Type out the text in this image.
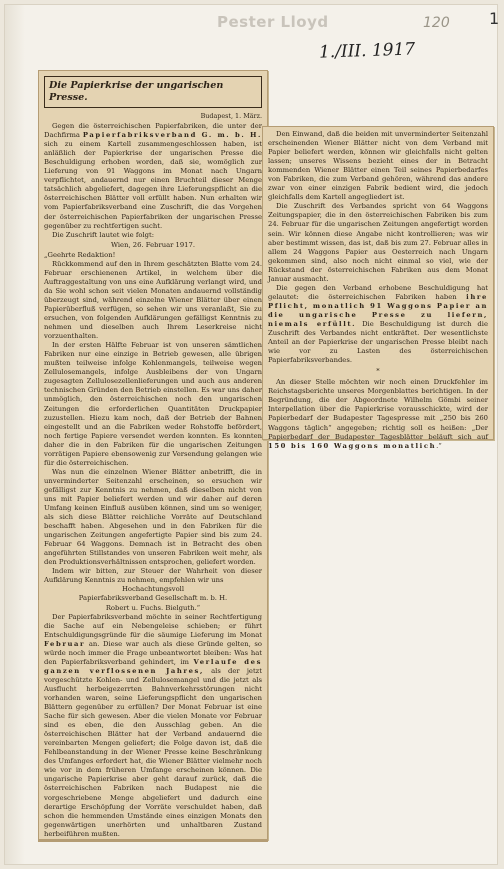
Pester Lloyd	120 1
1./III. 1917
Die Papierkrise der ungarischen Presse.
Budapest, 1. März.

Gegen die österreichischen Papierfabriken, die unter der Dachfirma Papierfabriksverband G. m. b. H. sich zu einem Kartell zusammengeschlossen haben, ist anläßlich der Papierkrise der ungarischen Presse die Beschuldigung erhoben worden, daß sie, womöglich zur Lieferung von 91 Waggons im Monat nach Ungarn verpflichtet, andauernd nur einen Bruchteil dieser Menge tatsächlich abgeliefert, dagegen ihre Lieferungspflicht an die österreichischen Blätter voll erfüllt haben. Nun erhalten wir vom Papierfabriksverband eine Zuschrift, die das Vorgehen der österreichischen Papierfabriken der ungarischen Presse gegenüber zu rechtfertigen sucht.

Die Zuschrift lautet wie folgt:

Wien, 26. Februar 1917.

„Geehrte Redaktion!

Rückkommend auf den in Ihrem geschätzten Blatte vom 24. Februar erschienenen Artikel, in welchem über die Auftraggestaltung von uns eine Aufklärung verlangt wird, und da Sie wohl schon seit vielen Monaten andauernd vollständig überzeugt sind, während einzelne Wiener Blätter über einen Papierüberfluß verfügen, so sehen wir uns veranlaßt, Sie zu ersuchen, von folgenden Aufklärungen gefälligst Kenntnis zu nehmen und dieselben auch Ihrem Leserkreise nicht vorzuenthalten.

In der ersten Hälfte Februar ist von unseren sämtlichen Fabriken nur eine einzige in Betrieb gewesen, alle übrigen mußten teilweise infolge Kohlenmangels, teilweise wegen Zellulosemangels, infolge Ausbleibens der von Ungarn zugesagten Zellulosezellenlieferungen und auch aus anderen technischen Gründen den Betrieb einstellen. Es war uns daher unmöglich, den österreichischen noch den ungarischen Zeitungen die erforderlichen Quantitäten Druckpapier zuzustellen. Hiezu kam noch, daß der Betrieb der Bahnen eingestellt und an die Fabriken weder Rohstoffe befördert, noch fertige Papiere versendet werden konnten. Es konnten daher die in den Fabriken für die ungarischen Zeitungen vorrätigen Papiere ebensowenig zur Versendung gelangen wie für die österreichischen.

Was nun die einzelnen Wiener Blätter anbetrifft, die in unverminderter Seitenzahl erscheinen, so ersuchen wir gefälligst zur Kenntnis zu nehmen, daß dieselben nicht von uns mit Papier beliefert werden und wir daher auf deren Umfang keinen Einfluß ausüben können, sind um so weniger, als sich diese Blätter reichliche Vorräte auf Deutschland beschafft haben. Abgesehen und in den Fabriken für die ungarischen Zeitungen angefertigte Papier sind bis zum 24. Februar 64 Waggons. Demnach ist in Betracht des oben angeführten Stillstandes von unseren Fabriken weit mehr, als den Produktionsverhältnissen entsprochen, geliefert worden.

Indem wir bitten, zur Steuer der Wahrheit von dieser Aufklärung Kenntnis zu nehmen, empfehlen wir uns

Hochachtungsvoll
Papierfabriksverband Gesellschaft m. b. H.
Robert u. Fuchs. Bielguth.“

Der Papierfabriksverband möchte in seiner Rechtfertigung die Sache auf ein Nebengeleise schieben; er führt Entschuldigungsgründe für die säumige Lieferung im Monat Februar an. Diese war auch als diese Gründe gelten, so würde noch immer die Frage unbeantwortet bleiben: Was hat den Papierfabriksverband gehindert, im Verlaufe des ganzen verflossenen Jahres, als der jetzt vorgeschützte Kohlen- und Zellulosemangel und die jetzt als Ausflucht herbeigezerrten Bahnverkehrsstörungen nicht vorhanden waren, seine Lieferungspflicht den ungarischen Blättern gegenüber zu erfüllen? Der Monat Februar ist eine Sache für sich gewesen. Aber die vielen Monate vor Februar sind es eben, die den Ausschlag geben. An die österreichischen Blätter hat der Verband andauernd die vereinbarten Mengen geliefert; die Folge davon ist, daß die Fehlbeanstandung in der Wiener Presse keine Beschränkung des Umfanges erfordert hat, die Wiener Blätter vielmehr noch wie vor in dem früheren Umfange erscheinen können. Die ungarische Papierkrise aber geht darauf zurück, daß die österreichischen Fabriken nach Budapest nie die vorgeschriebene Menge abgeliefert und dadurch eine derartige Erschöpfung der Vorräte verschuldet haben, daß schon die hemmenden Umstände eines einzigen Monats den gegenwärtigen unerhörten und unhaltbaren Zustand herbeiführen mußten.

Den Einwand, daß die beiden mit unverminderter Seitenzahl erscheinenden Wiener Blätter nicht von dem Verband mit Papier beliefert werden, können wir gleichfalls nicht gelten lassen; unseres Wissens bezieht eines der in Betracht kommenden Wiener Blätter einen Teil seines Papierbedarfes von Fabriken, die zum Verband gehören, während das andere zwar von einer einzigen Fabrik bedient wird, die jedoch gleichfalls dem Kartell angegliedert ist.

Die Zuschrift des Verbandes spricht von 64 Waggons Zeitungspapier, die in den österreichischen Fabriken bis zum 24. Februar für die ungarischen Zeitungen angefertigt worden sein. Wir können diese Angabe nicht kontrollieren; was wir aber bestimmt wissen, das ist, daß bis zum 27. Februar alles in allem 24 Waggons Papier aus Oesterreich nach Ungarn gekommen sind, also noch nicht einmal so viel, wie der Rückstand der österreichischen Fabriken aus dem Monat Januar ausmacht.

Die gegen den Verband erhobene Beschuldigung hat gelautet: die österreichischen Fabriken haben ihre Pflicht, monatlich 91 Waggons Papier an die ungarische Presse zu liefern, niemals erfüllt. Die Beschuldigung ist durch die Zuschrift des Verbandes nicht entkräftet. Der wesentlichste Anteil an der Papierkrise der ungarischen Presse bleibt nach wie vor zu Lasten des österreichischen Papierfabriksverbandes.

*

An dieser Stelle möchten wir noch einen Druckfehler im Reichstagsberichte unseres Morgenblattes berichtigen. In der Begründung, die der Abgeordnete Wilhelm Gömbi seiner Interpellation über die Papierkrise vorausschickte, wird der Papierbedarf der Budapester Tagespresse mit „250 bis 260 Waggons täglich“ angegeben; richtig soll es heißen: „Der Papierbedarf der Budapester Tagesblätter beläuft sich auf 150 bis 160 Waggons monatlich.“
